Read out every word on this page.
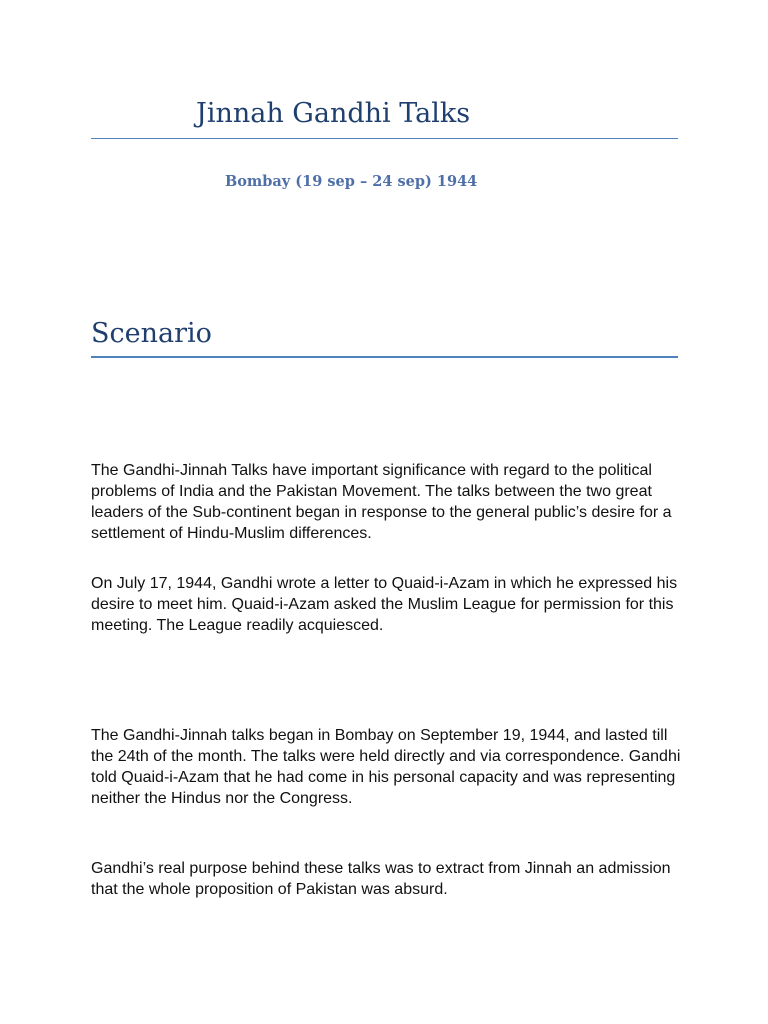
Jinnah Gandhi Talks

Bombay (19 sep – 24 sep) 1944

Scenario

The Gandhi-Jinnah Talks have important significance with regard to the political problems of India and the Pakistan Movement. The talks between the two great leaders of the Sub-continent began in response to the general public’s desire for a settlement of Hindu-Muslim differences.

On July 17, 1944, Gandhi wrote a letter to Quaid-i-Azam in which he expressed his desire to meet him. Quaid-i-Azam asked the Muslim League for permission for this meeting. The League readily acquiesced.

The Gandhi-Jinnah talks began in Bombay on September 19, 1944, and lasted till the 24th of the month. The talks were held directly and via correspondence. Gandhi told Quaid-i-Azam that he had come in his personal capacity and was representing neither the Hindus nor the Congress.

Gandhi’s real purpose behind these talks was to extract from Jinnah an admission that the whole proposition of Pakistan was absurd.
